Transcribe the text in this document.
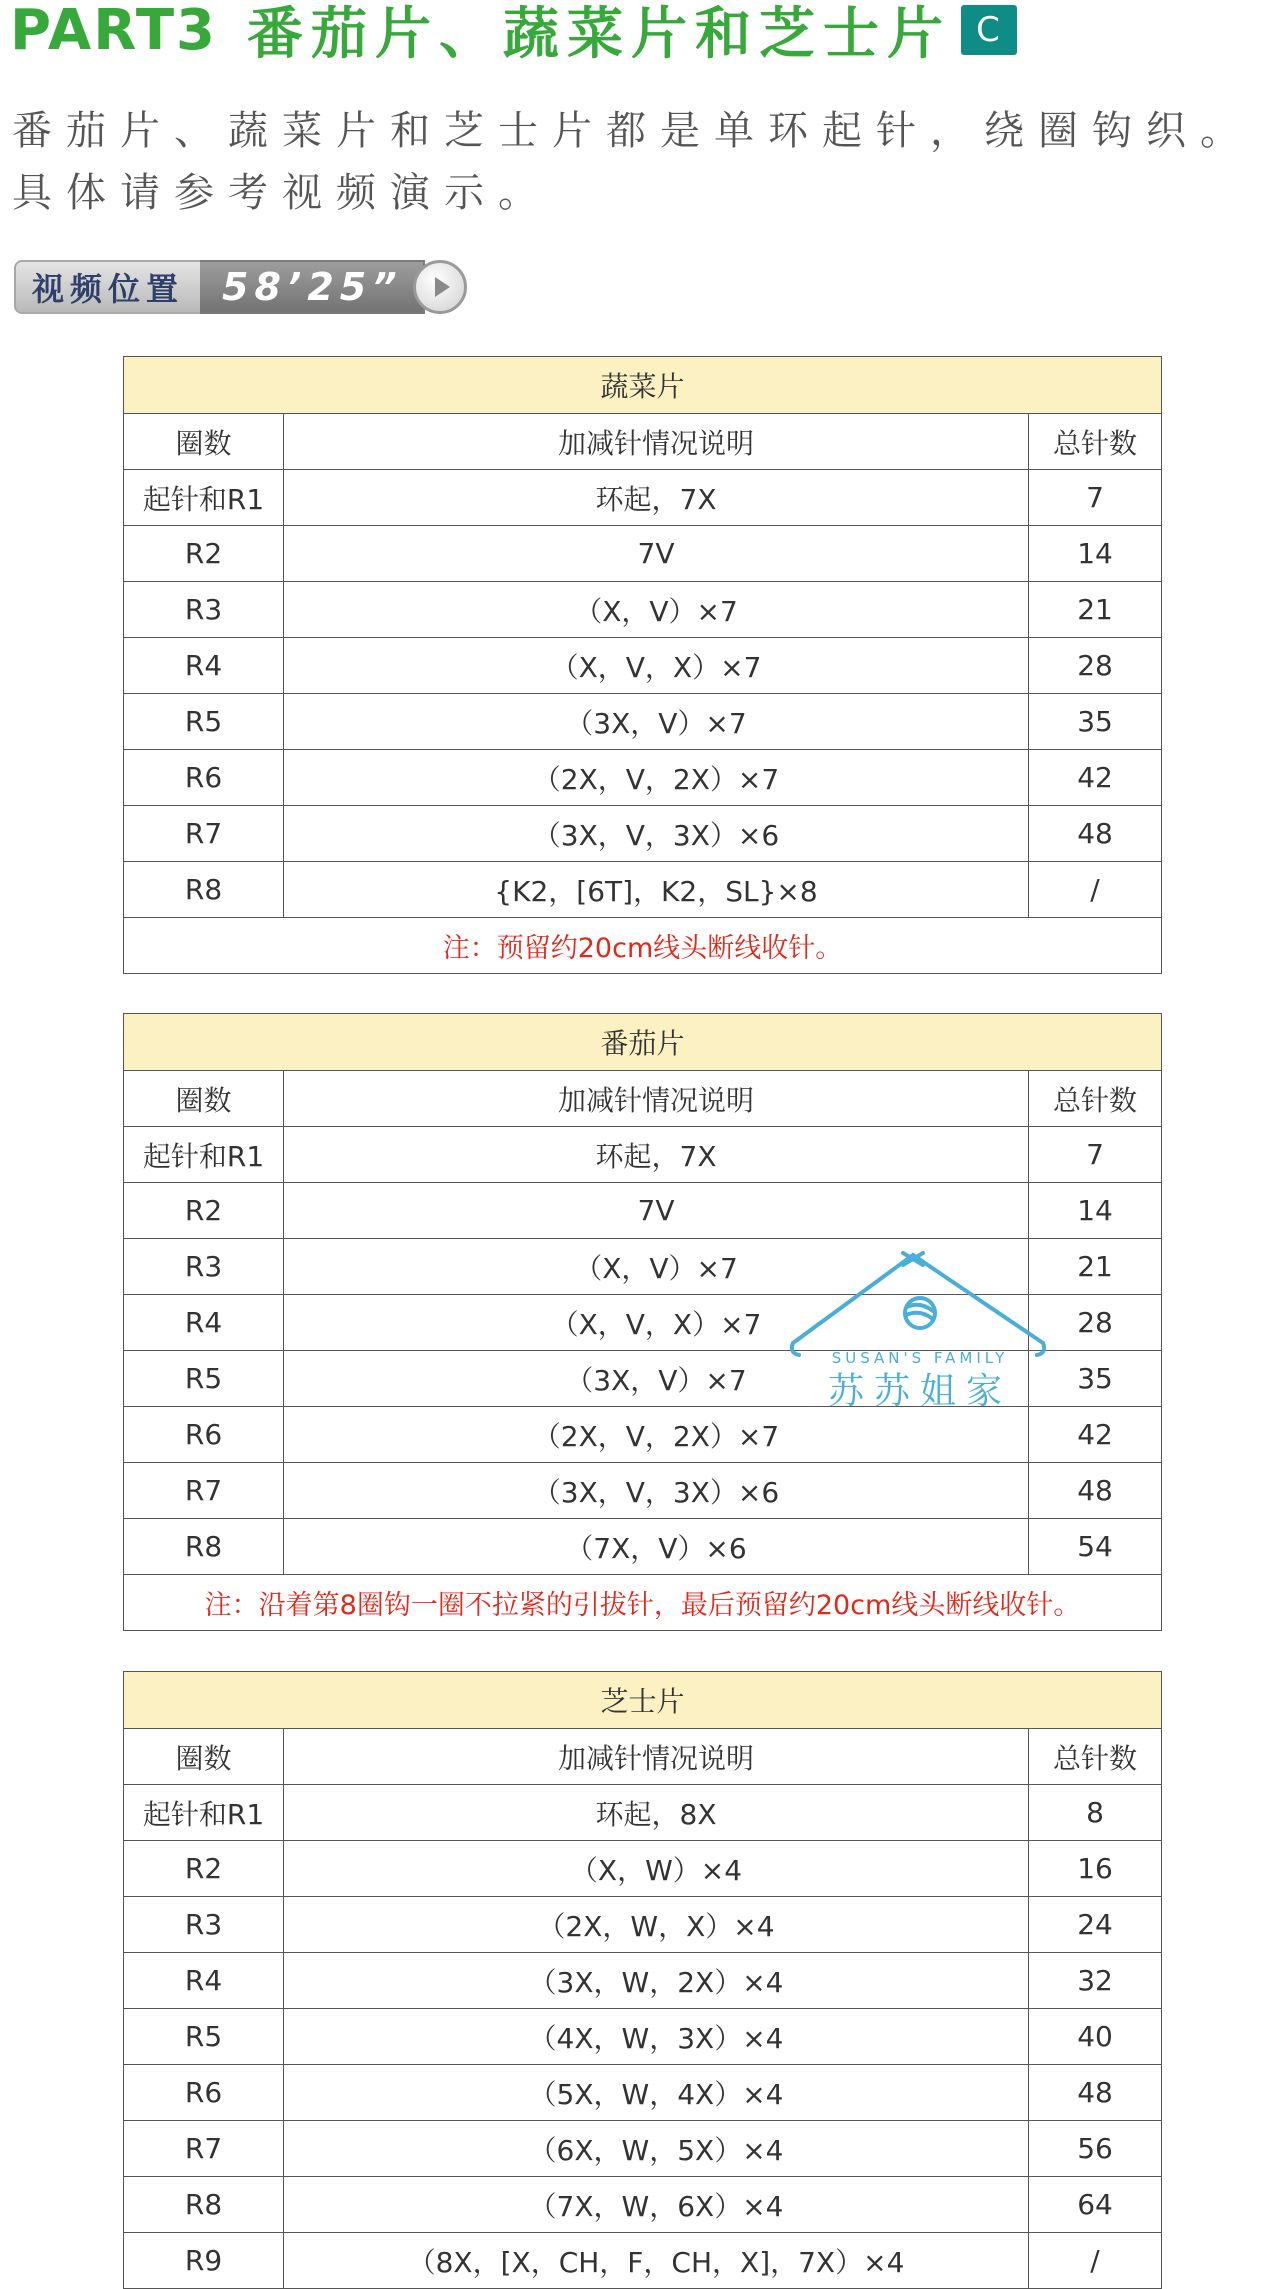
PART3 番茄片、蔬菜片和芝士片 C
番茄片、蔬菜片和芝士片都是单环起针，绕圈钩织。
具体请参考视频演示。
视频位置	58’25”
蔬菜片		
圈数	加减针情况说明	总针数
起针和R1	环起，7X	7
R2	7V	14
R3	（X，V）×7	21
R4	（X，V，X）×7	28
R5	（3X，V）×7	35
R6	（2X，V，2X）×7	42
R7	（3X，V，3X）×6	48
R8	{K2，[6T]，K2，SL}×8	/
注：预留约20cm线头断线收针。		
番茄片		
圈数	加减针情况说明	总针数
起针和R1	环起，7X	7
R2	7V	14
R3	（X，V）×7	21
R4	（X，V，X）×7	28
R5	（3X，V）×7	35
R6	（2X，V，2X）×7	42
R7	（3X，V，3X）×6	48
R8	（7X，V）×6	54
注：沿着第8圈钩一圈不拉紧的引拔针，最后预留约20cm线头断线收针。		
芝士片		
圈数	加减针情况说明	总针数
起针和R1	环起，8X	8
R2	（X，W）×4	16
R3	（2X，W，X）×4	24
R4	（3X，W，2X）×4	32
R5	（4X，W，3X）×4	40
R6	（5X，W，4X）×4	48
R7	（6X，W，5X）×4	56
R8	（7X，W，6X）×4	64
R9	（8X，[X，CH，F，CH，X]，7X）×4	/
SUSAN'S FAMILY
苏苏姐家
